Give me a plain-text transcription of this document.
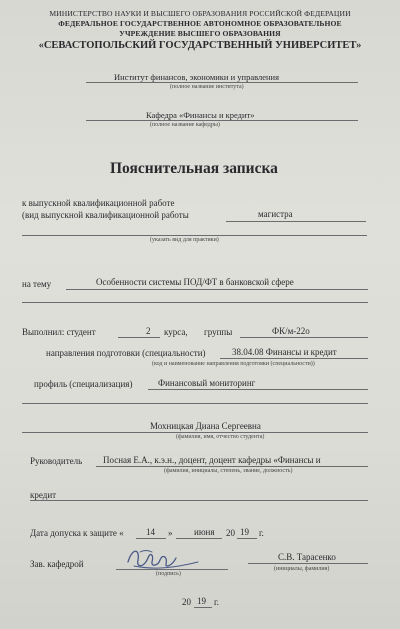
МИНИСТЕРСТВО НАУКИ И ВЫСШЕГО ОБРАЗОВАНИЯ РОССИЙСКОЙ ФЕДЕРАЦИИ
ФЕДЕРАЛЬНОЕ ГОСУДАРСТВЕННОЕ АВТОНОМНОЕ ОБРАЗОВАТЕЛЬНОЕ
УЧРЕЖДЕНИЕ ВЫСШЕГО ОБРАЗОВАНИЯ
«СЕВАСТОПОЛЬСКИЙ ГОСУДАРСТВЕННЫЙ УНИВЕРСИТЕТ»
Институт финансов, экономики и управления
(полное название института)
Кафедра «Финансы и кредит»
(полное название кафедры)
Пояснительная записка
к выпускной квалификационной работе
(вид выпускной квалификационной работы	магистра
(указать вид для практики)
на тему	Особенности системы ПОД/ФТ в банковской сфере
Выполнил: студент	2 курса, группы	ФК/м-22о
направления подготовки (специальности)	38.04.08 Финансы и кредит
(код и наименование направления подготовки (специальности))
профиль (специализация)	Финансовый мониторинг
Мохницкая Диана Сергеевна
(фамилия, имя, отчество студента)
Руководитель Посная Е.А., к.э.н., доцент, доцент кафедры «Финансы и
(фамилия, инициалы, степень, звание, должность)
кредит
Дата допуска к защите « 14 » июня 20 19 г.
Зав. кафедрой
(подпись)
С.В. Тарасенко
(инициалы, фамилия)
20 19 г.
